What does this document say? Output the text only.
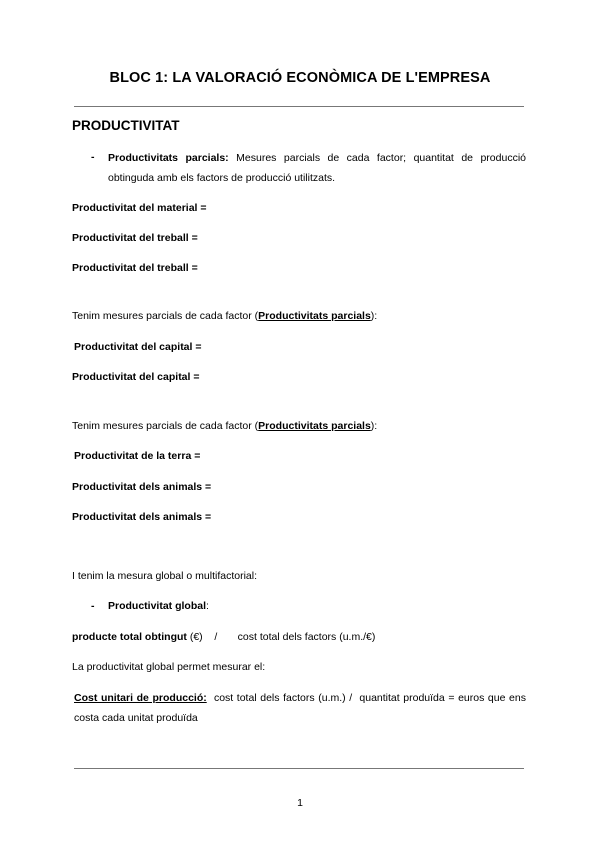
BLOC 1: LA VALORACIÓ ECONÒMICA DE L'EMPRESA
PRODUCTIVITAT
- Productivitats parcials: Mesures parcials de cada factor; quantitat de producció obtinguda amb els factors de producció utilitzats.
Productivitat del material =
Productivitat del treball =
Productivitat del treball =
Tenim mesures parcials de cada factor (Productivitats parcials):
Productivitat del capital =
Productivitat del capital =
Tenim mesures parcials de cada factor (Productivitats parcials):
Productivitat de la terra =
Productivitat dels animals =
Productivitat dels animals =
I tenim la mesura global o multifactorial:
- Productivitat global:
producte total obtingut (€)    /       cost total dels factors (u.m./€)
La productivitat global permet mesurar el:
Cost unitari de producció:  cost total dels factors (u.m.) /  quantitat produïda = euros que ens costa cada unitat produïda
1
